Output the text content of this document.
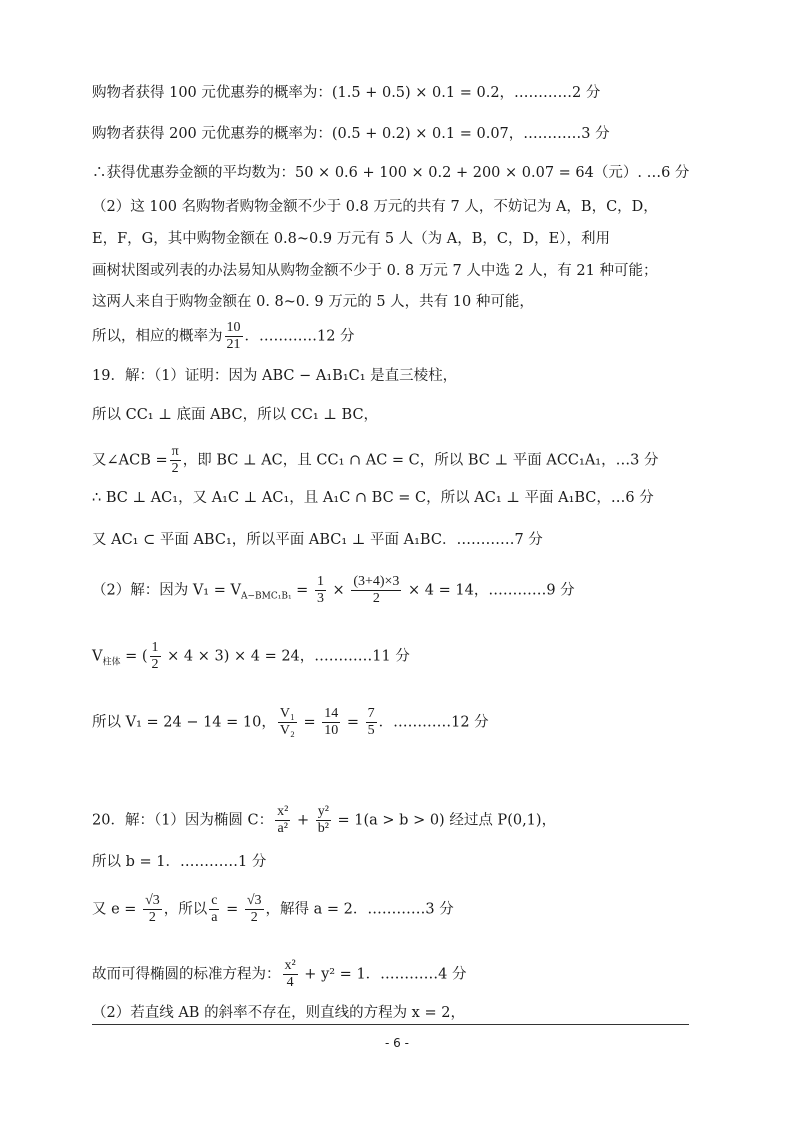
购物者获得 100 元优惠券的概率为：(1.5 + 0.5) × 0.1 = 0.2，…………2 分
购物者获得 200 元优惠券的概率为：(0.5 + 0.2) × 0.1 = 0.07，…………3 分
∴获得优惠券金额的平均数为：50 × 0.6 + 100 × 0.2 + 200 × 0.07 = 64（元）. …6 分
（2）这 100 名购物者购物金额不少于 0.8 万元的共有 7 人，不妨记为 A，B，C，D，
E，F，G，其中购物金额在 0.8~0.9 万元有 5 人（为 A，B，C，D，E），利用
画树状图或列表的办法易知从购物金额不少于 0. 8 万元 7 人中选 2 人，有 21 种可能；
这两人来自于购物金额在 0. 8~0. 9 万元的 5 人，共有 10 种可能，
所以，相应的概率为 $\frac{10}{21}$ ．…………12 分
19．解：（1）证明：因为 ABC − A₁B₁C₁ 是直三棱柱，
所以 CC₁ ⊥ 底面 ABC，所以 CC₁ ⊥ BC，
又∠ACB = $\frac{\pi}{2}$ ，即 BC ⊥ AC，且 CC₁ ∩ AC = C，所以 BC ⊥ 平面 ACC₁A₁，…3 分
∴ BC ⊥ AC₁，又 A₁C ⊥ AC₁，且 A₁C ∩ BC = C，所以 AC₁ ⊥ 平面 A₁BC，…6 分
又 AC₁ ⊂ 平面 ABC₁，所以平面 ABC₁ ⊥ 平面 A₁BC．…………7 分
（2）解：因为 $V_1 = V_{A-BMC_1B_1} = \frac{1}{3} \times \frac{(3+4)\times 3}{2} \times 4 = 14$，…………9 分
$V_{柱体}$ = ( $\frac{1}{2} \times 4 \times 3) \times 4 = 24$，…………11 分
所以 V₁ = 24 − 14 = 10， $\frac{\text{V₁}}{\text{V₂}} = \frac{14}{10} = \frac{7}{5}$ ．…………12 分
20．解：（1）因为椭圆 C： $\frac{\text{x²}}{\text{a²}} + \frac{\text{y²}}{\text{b²}} = 1(a > b > 0)$ 经过点 P(0,1)，
所以 b = 1．…………1 分
又 $e = \frac{√3}{2}$ ，所以 $\frac{c}{a} = \frac{√3}{2}$ ，解得 a = 2．…………3 分
故而可得椭圆的标准方程为： $\frac{\text{x²}}{4} + y^2 = 1$．…………4 分
（2）若直线 AB 的斜率不存在，则直线的方程为 x = 2，
- 6 -
